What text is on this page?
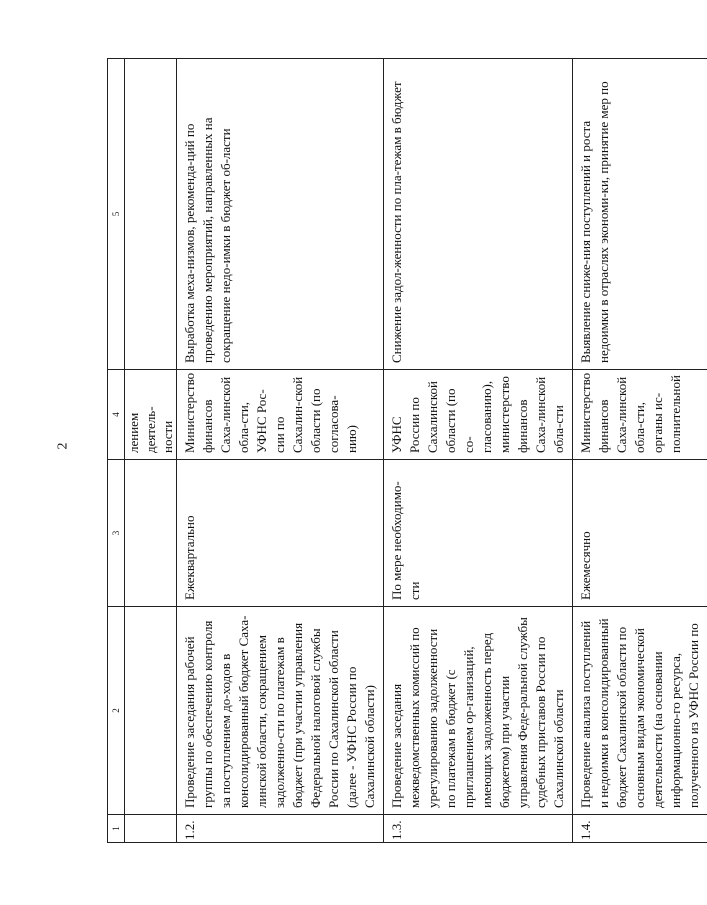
2
1	2	3	4	5
			лением деятель-ности	
1.2.	Проведение заседания рабочей группы по обеспечению контроля за поступлением до-ходов в консолидированный бюджет Саха-линской области, сокращением задолженно-сти по платежам в бюджет (при участии управления Федеральной налоговой службы России по Сахалинской области (далее - УФНС России по Сахалинской области)	Ежеквартально	Министерство финансов Саха-линской обла-сти, УФНС Рос-сии по Сахалин-ской области (по согласова-нию)	Выработка меха-низмов, рекоменда-ций по проведению мероприятий, направленных на сокращение недо-имки в бюджет об-ласти
1.3.	Проведение заседания межведомственных комиссий по урегулированию задолженности по платежам в бюджет (с приглашением ор-ганизаций, имеющих задолженность перед бюджетом) при участии управления Феде-ральной службы судебных приставов России по Сахалинской области	По мере необходимо-сти	УФНС России по Сахалинской области (по со-гласованию), министерство финансов Саха-линской обла-сти	Снижение задол-женности по пла-тежам в бюджет
1.4.	Проведение анализа поступлений и недоимки в консолидированный бюджет Сахалинской области по основным видам экономической деятельности (на основании информационно-го ресурса, полученного из УФНС России по	Ежемесячно	Министерство финансов Саха-линской обла-сти, органы ис-полнительной	Выявление сниже-ния поступлений и роста недоимки в отраслях экономи-ки, принятие мер по
